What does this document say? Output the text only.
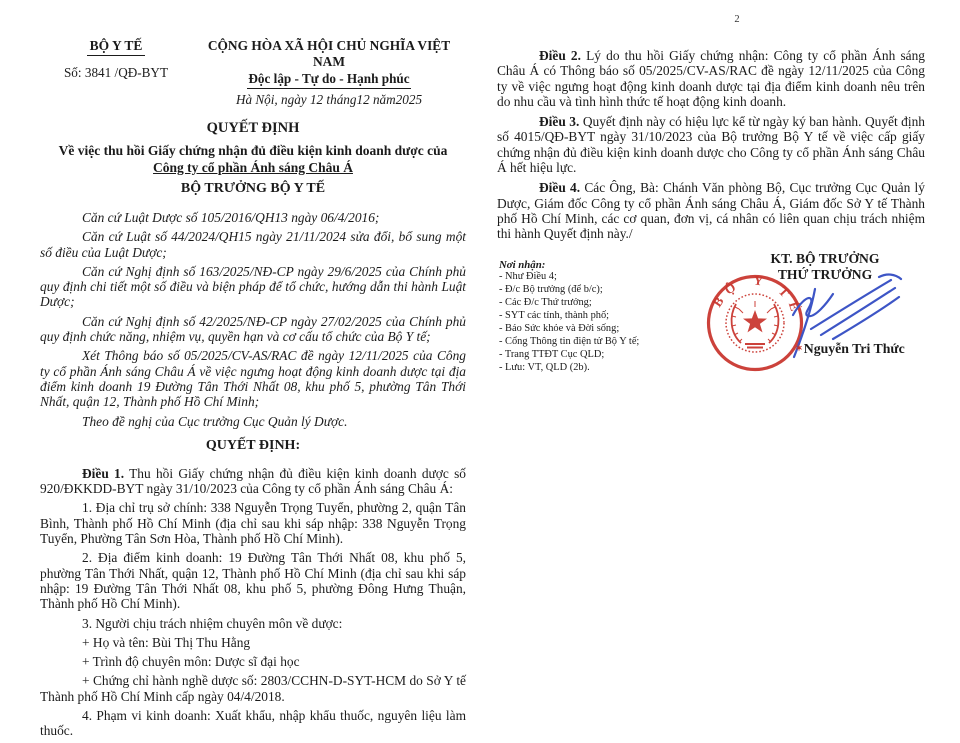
BỘ Y TẾ
Số: 3841 /QĐ-BYT
CỘNG HÒA XÃ HỘI CHỦ NGHĨA VIỆT NAM
Độc lập - Tự do - Hạnh phúc
Hà Nội, ngày 12 tháng12 năm2025
QUYẾT ĐỊNH
Về việc thu hồi Giấy chứng nhận đủ điều kiện kinh doanh dược của
Công ty cổ phần Ánh sáng Châu Á
BỘ TRƯỞNG BỘ Y TẾ

Căn cứ Luật Dược số 105/2016/QH13 ngày 06/4/2016;

Căn cứ Luật số 44/2024/QH15 ngày 21/11/2024 sửa đổi, bổ sung một số điều của Luật Dược;

Căn cứ Nghị định số 163/2025/NĐ-CP ngày 29/6/2025 của Chính phủ quy định chi tiết một số điều và biện pháp để tổ chức, hướng dẫn thi hành Luật Dược;

Căn cứ Nghị định số 42/2025/NĐ-CP ngày 27/02/2025 của Chính phủ quy định chức năng, nhiệm vụ, quyền hạn và cơ cấu tổ chức của Bộ Y tế;

Xét Thông báo số 05/2025/CV-AS/RAC đề ngày 12/11/2025 của Công ty cổ phần Ánh sáng Châu Á về việc ngưng hoạt động kinh doanh dược tại địa điểm kinh doanh 19 Đường Tân Thới Nhất 08, khu phố 5, phường Tân Thới Nhất, quận 12, Thành phố Hồ Chí Minh;

Theo đề nghị của Cục trưởng Cục Quản lý Dược.

QUYẾT ĐỊNH:

Điều 1. Thu hồi Giấy chứng nhận đủ điều kiện kinh doanh dược số 920/ĐKKDD-BYT ngày 31/10/2023 của Công ty cổ phần Ánh sáng Châu Á:

1. Địa chỉ trụ sở chính: 338 Nguyễn Trọng Tuyển, phường 2, quận Tân Bình, Thành phố Hồ Chí Minh (địa chỉ sau khi sáp nhập: 338 Nguyễn Trọng Tuyển, Phường Tân Sơn Hòa, Thành phố Hồ Chí Minh).

2. Địa điểm kinh doanh: 19 Đường Tân Thới Nhất 08, khu phố 5, phường Tân Thới Nhất, quận 12, Thành phố Hồ Chí Minh (địa chỉ sau khi sáp nhập: 19 Đường Tân Thới Nhất 08, khu phố 5, phường Đông Hưng Thuận, Thành phố Hồ Chí Minh).

3. Người chịu trách nhiệm chuyên môn về dược:

+ Họ và tên: Bùi Thị Thu Hằng

+ Trình độ chuyên môn: Dược sĩ đại học

+ Chứng chỉ hành nghề dược số: 2803/CCHN-D-SYT-HCM do Sở Y tế Thành phố Hồ Chí Minh cấp ngày 04/4/2018.

4. Phạm vi kinh doanh: Xuất khẩu, nhập khẩu thuốc, nguyên liệu làm thuốc.

2

Điều 2. Lý do thu hồi Giấy chứng nhận: Công ty cổ phần Ánh sáng Châu Á có Thông báo số 05/2025/CV-AS/RAC đề ngày 12/11/2025 của Công ty về việc ngưng hoạt động kinh doanh dược tại địa điểm kinh doanh nêu trên do nhu cầu và tình hình thức tế hoạt động kinh doanh.

Điều 3. Quyết định này có hiệu lực kể từ ngày ký ban hành. Quyết định số 4015/QĐ-BYT ngày 31/10/2023 của Bộ trưởng Bộ Y tế về việc cấp giấy chứng nhận đủ điều kiện kinh doanh dược cho Công ty cổ phần Ánh sáng Châu Á hết hiệu lực.

Điều 4. Các Ông, Bà: Chánh Văn phòng Bộ, Cục trưởng Cục Quản lý Dược, Giám đốc Công ty cổ phần Ánh sáng Châu Á, Giám đốc Sở Y tế Thành phố Hồ Chí Minh, các cơ quan, đơn vị, cá nhân có liên quan chịu trách nhiệm thi hành Quyết định này./

Nơi nhận:
- Như Điều 4;
- Đ/c Bộ trưởng (để b/c);
- Các Đ/c Thứ trưởng;
- SYT các tỉnh, thành phố;
- Báo Sức khỏe và Đời sống;
- Cổng Thông tin điện tử Bộ Y tế;
- Trang TTĐT Cục QLD;
- Lưu: VT, QLD (2b).
KT. BỘ TRƯỞNG
THỨ TRƯỞNG
BỘ Y TẾ
✶Nguyễn Tri Thức
